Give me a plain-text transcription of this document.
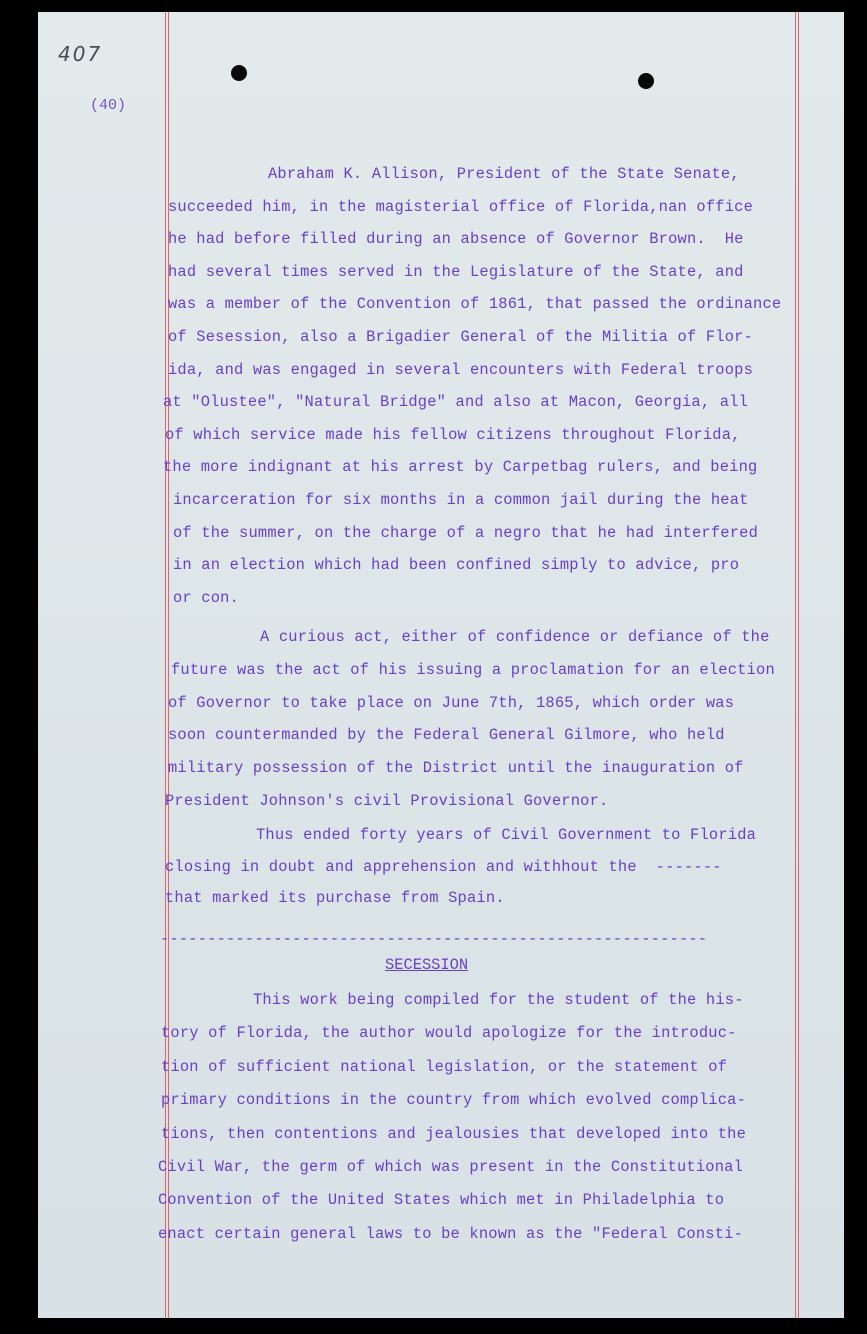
407
(40)
Abraham K. Allison, President of the State Senate,
succeeded him, in the magisterial office of Florida,nan office
he had before filled during an absence of Governor Brown.  He
had several times served in the Legislature of the State, and
was a member of the Convention of 1861, that passed the ordinance
of Sesession, also a Brigadier General of the Militia of Flor-
ida, and was engaged in several encounters with Federal troops
at "Olustee", "Natural Bridge" and also at Macon, Georgia, all
of which service made his fellow citizens throughout Florida,
the more indignant at his arrest by Carpetbag rulers, and being
incarceration for six months in a common jail during the heat
of the summer, on the charge of a negro that he had interfered
in an election which had been confined simply to advice, pro
or con.
A curious act, either of confidence or defiance of the
future was the act of his issuing a proclamation for an election
of Governor to take place on June 7th, 1865, which order was
soon countermanded by the Federal General Gilmore, who held
military possession of the District until the inauguration of
President Johnson's civil Provisional Governor.
Thus ended forty years of Civil Government to Florida
closing in doubt and apprehension and withhout the  -------
that marked its purchase from Spain.
----------------------------------------------------------
SECESSION
This work being compiled for the student of the his-
tory of Florida, the author would apologize for the introduc-
tion of sufficient national legislation, or the statement of
primary conditions in the country from which evolved complica-
tions, then contentions and jealousies that developed into the
Civil War, the germ of which was present in the Constitutional
Convention of the United States which met in Philadelphia to
enact certain general laws to be known as the "Federal Consti-
